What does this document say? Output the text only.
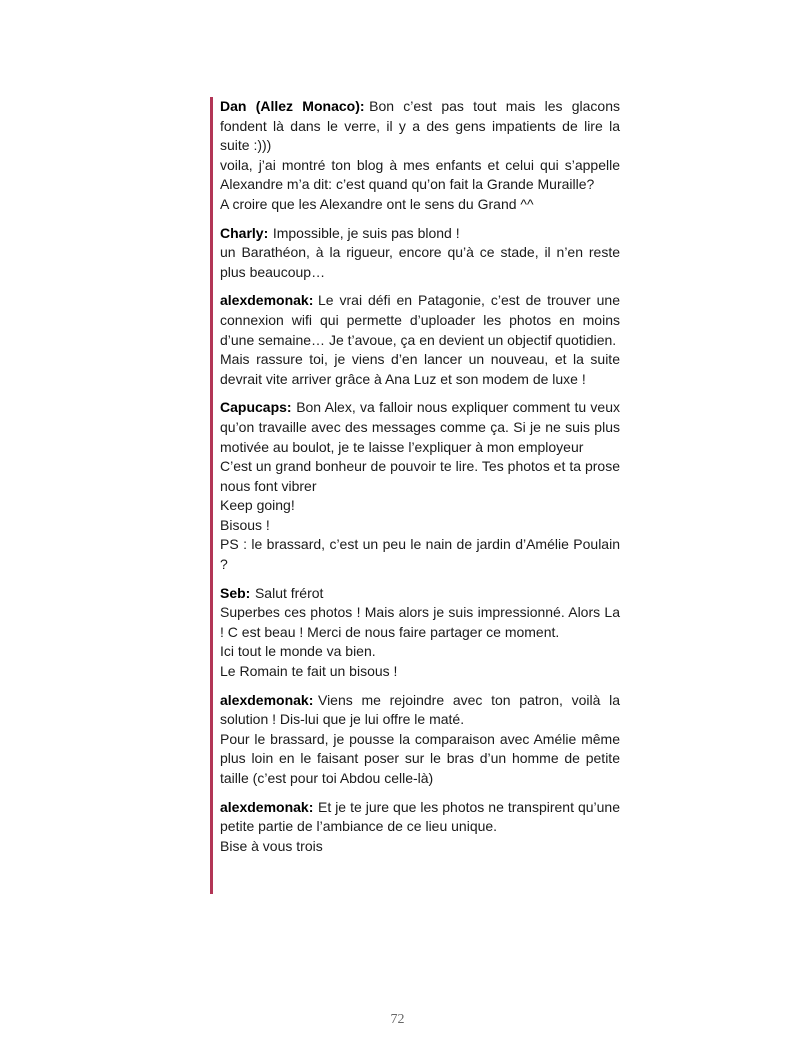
Dan (Allez Monaco): Bon c’est pas tout mais les glacons fondent là dans le verre, il y a des gens impatients de lire la suite :)))

voila, j’ai montré ton blog à mes enfants et celui qui s’appelle Alexandre m’a dit: c’est quand qu’on fait la Grande Muraille?

A croire que les Alexandre ont le sens du Grand ^^

Charly: Impossible, je suis pas blond !

un Barathéon, à la rigueur, encore qu’à ce stade, il n’en reste plus beaucoup…

alexdemonak: Le vrai défi en Patagonie, c’est de trouver une connexion wifi qui permette d’uploader les photos en moins d’une semaine… Je t’avoue, ça en devient un objectif quotidien.

Mais rassure toi, je viens d’en lancer un nouveau, et la suite devrait vite arriver grâce à Ana Luz et son modem de luxe !

Capucaps: Bon Alex, va falloir nous expliquer comment tu veux qu’on travaille avec des messages comme ça. Si je ne suis plus motivée au boulot, je te laisse l’expliquer à mon employeur

C’est un grand bonheur de pouvoir te lire. Tes photos et ta prose nous font vibrer

Keep going!

Bisous !

PS : le brassard, c’est un peu le nain de jardin d’Amélie Poulain ?

Seb: Salut frérot

Superbes ces photos ! Mais alors je suis impressionné. Alors La ! C est beau ! Merci de nous faire partager ce moment.

Ici tout le monde va bien.

Le Romain te fait un bisous !

alexdemonak: Viens me rejoindre avec ton patron, voilà la solution ! Dis-lui que je lui offre le maté.

Pour le brassard, je pousse la comparaison avec Amélie même plus loin en le faisant poser sur le bras d’un homme de petite taille (c’est pour toi Abdou celle-là)

alexdemonak: Et je te jure que les photos ne transpirent qu’une petite partie de l’ambiance de ce lieu unique.

Bise à vous trois

72
